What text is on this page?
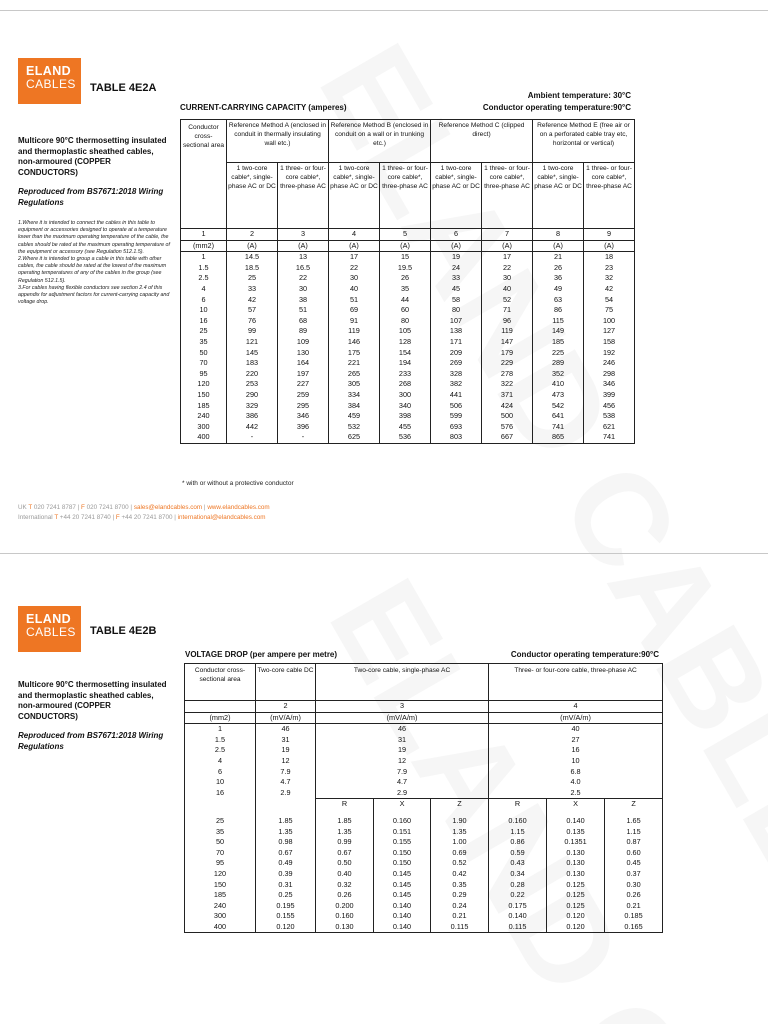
ELAND
CABLES	TABLE 4E2A
Ambient temperature: 30°C
CURRENT-CARRYING CAPACITY (amperes)	Conductor operating temperature:90°C
Multicore 90°C thermosetting insulated and thermoplastic sheathed cables, non-armoured (COPPER CONDUCTORS)
Reproduced from BS7671:2018 Wiring Regulations
1.Where it is intended to connect the cables in this table to equipment or accessories designed to operate at a temperature lower than the maximum operating temperature of the cable, the cables should be rated at the maximum operating temperature of the equipment or accessory (see Regulation 512.1.5).
2.Where it is intended to group a cable in this table with other cables, the cable should be rated at the lowest of the maximum operating temperatures of any of the cables in the group (see Regulation 512.1.5).
3.For cables having flexible conductors see section 2.4 of this appendix for adjustment factors for current-carrying capacity and voltage drop.
Conductor cross-sectional area	Reference Method A (enclosed in conduit in thermally insulating wall etc.)		Reference Method B (enclosed in conduit on a wall or in trunking etc.)		Reference Method C (clipped direct)		Reference Method E (free air or on a perforated cable tray etc, horizontal or vertical)	
	1 two-core cable*, single-phase AC or DC	1 three- or four-core cable*, three-phase AC	1 two-core cable*, single-phase AC or DC	1 three- or four-core cable*, three-phase AC	1 two-core cable*, single-phase AC or DC	1 three- or four-core cable*, three-phase AC	1 two-core cable*, single-phase AC or DC	1 three- or four-core cable*, three-phase AC
1	2	3	4	5	6	7	8	9
(mm2)	(A)	(A)	(A)	(A)	(A)	(A)	(A)	(A)
1	14.5	13	17	15	19	17	21	18
1.5	18.5	16.5	22	19.5	24	22	26	23
2.5	25	22	30	26	33	30	36	32
4	33	30	40	35	45	40	49	42
6	42	38	51	44	58	52	63	54
10	57	51	69	60	80	71	86	75
16	76	68	91	80	107	96	115	100
25	99	89	119	105	138	119	149	127
35	121	109	146	128	171	147	185	158
50	145	130	175	154	209	179	225	192
70	183	164	221	194	269	229	289	246
95	220	197	265	233	328	278	352	298
120	253	227	305	268	382	322	410	346
150	290	259	334	300	441	371	473	399
185	329	295	384	340	506	424	542	456
240	386	346	459	398	599	500	641	538
300	442	396	532	455	693	576	741	621
400	-	-	625	536	803	667	865	741
* with or without a protective conductor
UK T 020 7241 8787 | F 020 7241 8700 | sales@elandcables.com | www.elandcables.com
International T +44 20 7241 8740 | F +44 20 7241 8700 | international@elandcables.com
ELAND
CABLES	TABLE 4E2B
VOLTAGE DROP (per ampere per metre)	Conductor operating temperature:90°C
Multicore 90°C thermosetting insulated and thermoplastic sheathed cables, non-armoured (COPPER CONDUCTORS)
Reproduced from BS7671:2018 Wiring Regulations
Conductor cross- sectional area	Two-core cable DC	Two-core cable, single-phase AC			Three- or four-core cable, three-phase AC		
	2	3			4		
(mm2)	(mV/A/m)	(mV/A/m)			(mV/A/m)		
1	46	46			40		
1.5	31	31			27		
2.5	19	19			16		
4	12	12			10		
6	7.9	7.9			6.8		
10	4.7	4.7			4.0		
16	2.9	2.9			2.5		
		R	X	Z	R	X	Z

25	1.85	1.85	0.160	1.90	0.160	0.140	1.65
35	1.35	1.35	0.151	1.35	1.15	0.135	1.15
50	0.98	0.99	0.155	1.00	0.86	0.1351	0.87
70	0.67	0.67	0.150	0.69	0.59	0.130	0.60
95	0.49	0.50	0.150	0.52	0.43	0.130	0.45
120	0.39	0.40	0.145	0.42	0.34	0.130	0.37
150	0.31	0.32	0.145	0.35	0.28	0.125	0.30
185	0.25	0.26	0.145	0.29	0.22	0.125	0.26
240	0.195	0.200	0.140	0.24	0.175	0.125	0.21
300	0.155	0.160	0.140	0.21	0.140	0.120	0.185
400	0.120	0.130	0.140	0.115	0.115	0.120	0.165
